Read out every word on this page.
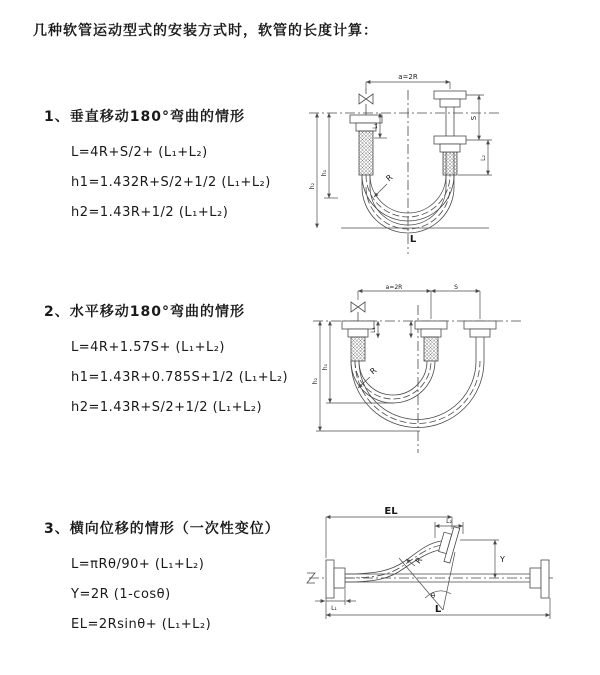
几种软管运动型式的安装方式时，软管的长度计算：
1、垂直移动180°弯曲的情形
L=4R+S/2+ (L₁+L₂)
h1=1.432R+S/2+1/2 (L₁+L₂)
h2=1.43R+1/2 (L₁+L₂)
2、水平移动180°弯曲的情形
L=4R+1.57S+ (L₁+L₂)
h1=1.43R+0.785S+1/2 (L₁+L₂)
h2=1.43R+S/2+1/2 (L₁+L₂)
3、横向位移的情形（一次性变位）
L=πRθ/90+ (L₁+L₂)
Y=2R (1-cosθ)
EL=2Rsinθ+ (L₁+L₂)
a=2R
L₁
S
L₂
h₁
h₂
R
L
a=2R	S
L₁
h₁
h₂
R
EL
L₂
Y
θ
R
L
L₁
